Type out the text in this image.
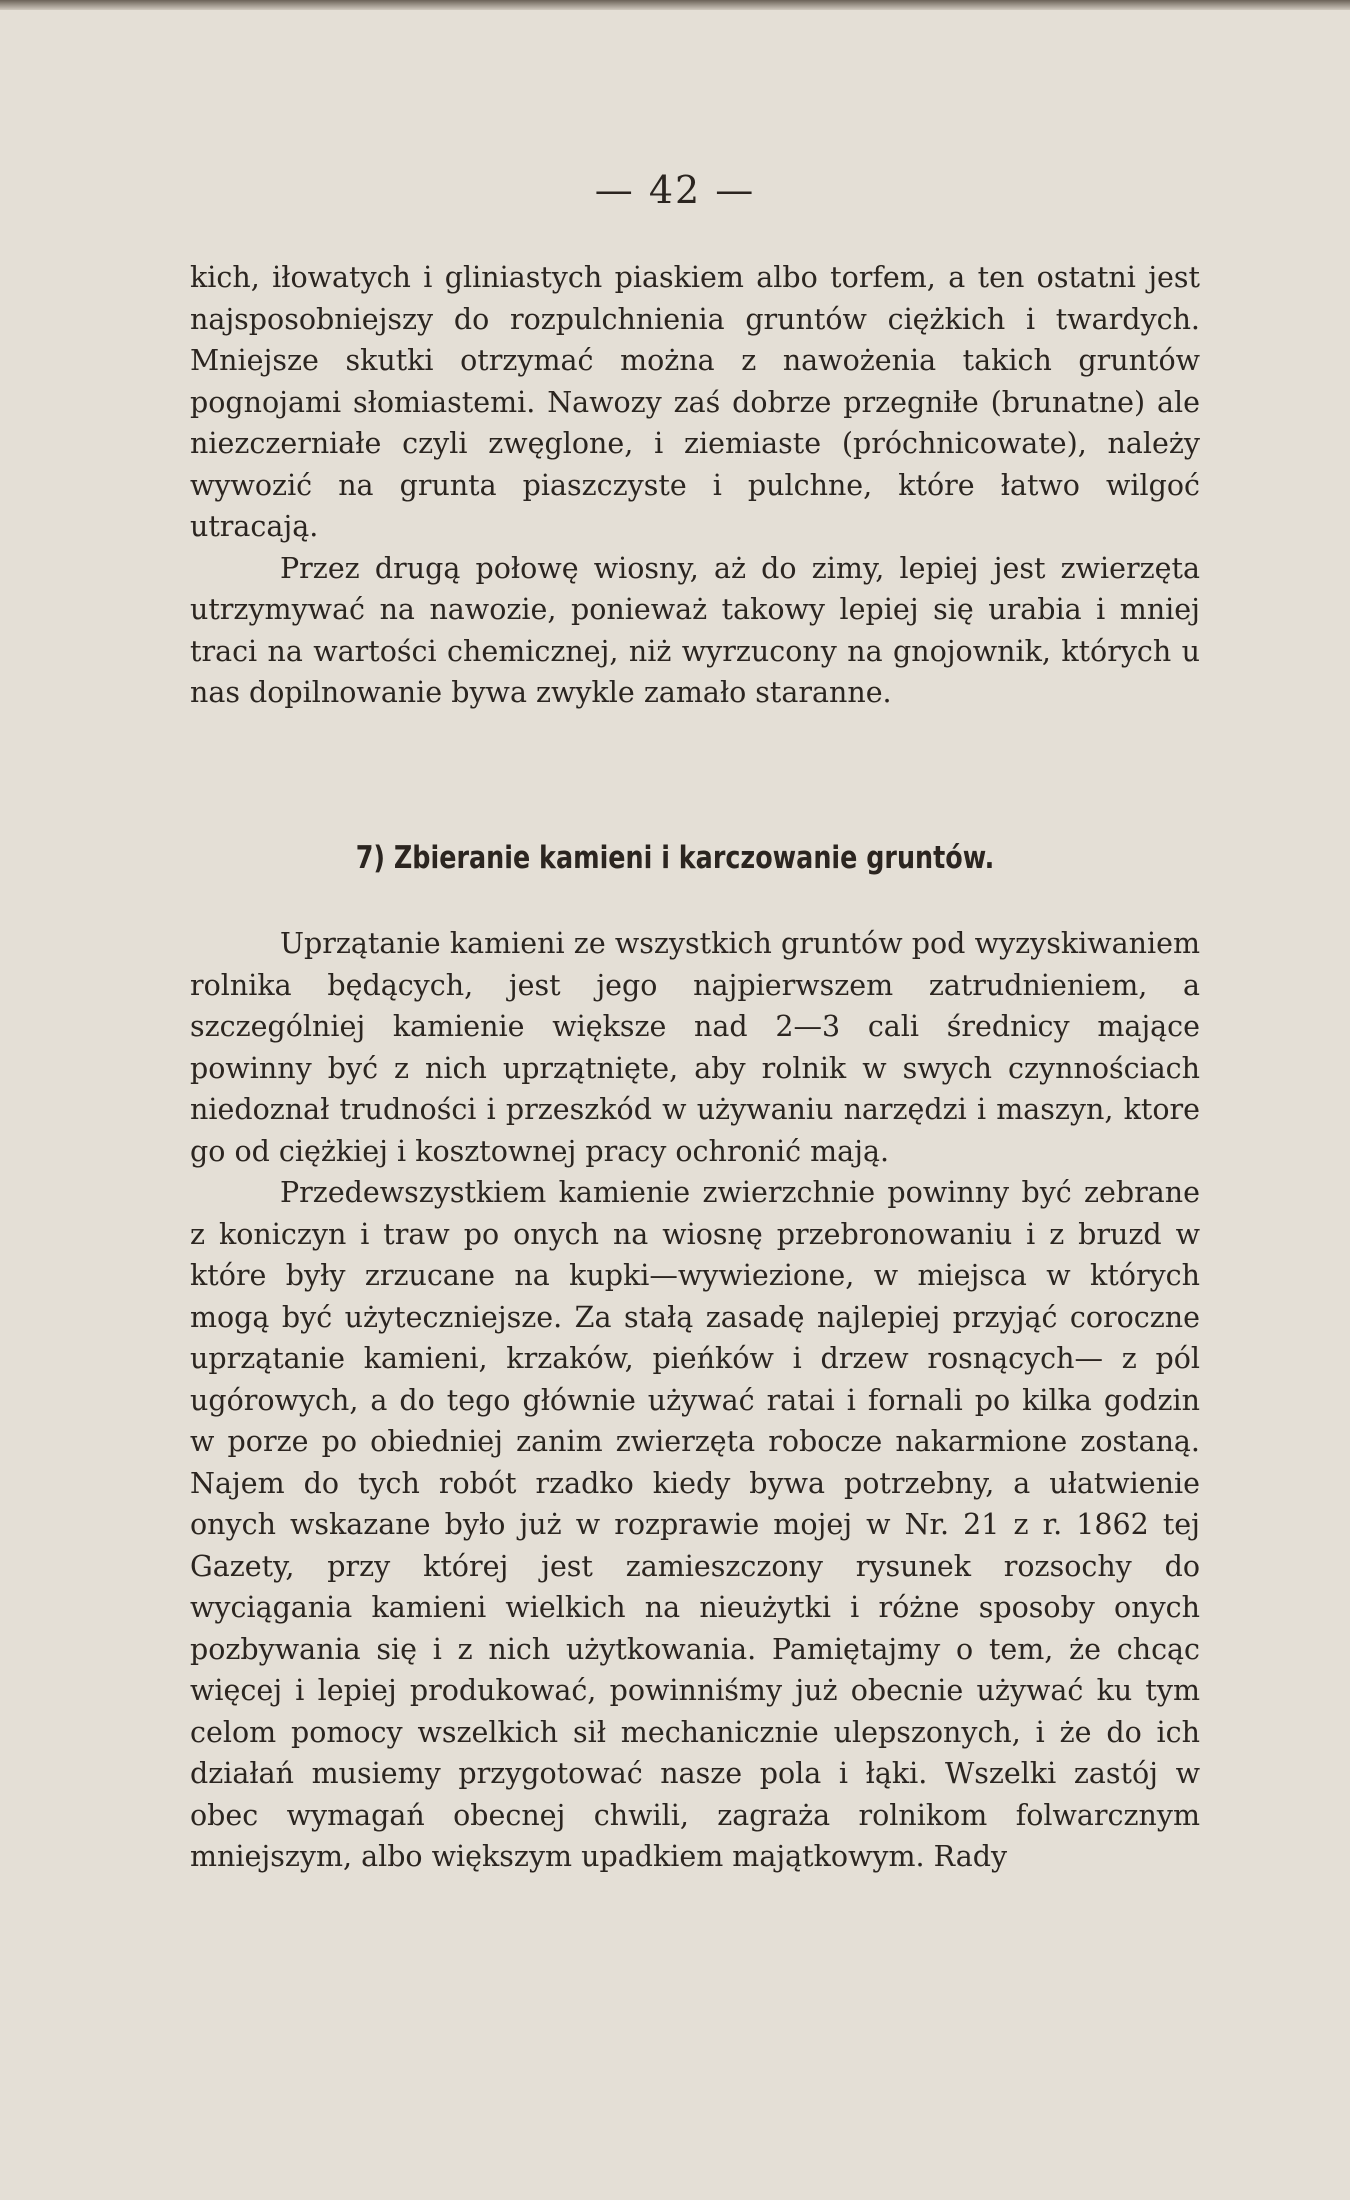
— 42 —

kich, iłowatych i gliniastych piaskiem albo torfem, a ten ostatni jest najsposobniejszy do rozpulchnienia gruntów ciężkich i twardych. Mniejsze skutki otrzymać można z nawożenia takich gruntów pognojami słomiastemi. Nawozy zaś dobrze przegniłe (brunatne) ale niezczerniałe czyli zwęglone, i ziemiaste (próchnicowate), należy wywozić na grunta piaszczyste i pulchne, które łatwo wilgoć utracają.

Przez drugą połowę wiosny, aż do zimy, lepiej jest zwierzęta utrzymywać na nawozie, ponieważ takowy lepiej się urabia i mniej traci na wartości chemicznej, niż wyrzucony na gnojownik, których u nas dopilnowanie bywa zwykle zamało staranne.

7) Zbieranie kamieni i karczowanie gruntów.

Uprzątanie kamieni ze wszystkich gruntów pod wyzyskiwaniem rolnika będących, jest jego najpierwszem zatrudnieniem, a szczególniej kamienie większe nad 2—3 cali średnicy mające powinny być z nich uprzątnięte, aby rolnik w swych czynnościach niedoznał trudności i przeszkód w używaniu narzędzi i maszyn, ktore go od ciężkiej i kosztownej pracy ochronić mają.

Przedewszystkiem kamienie zwierzchnie powinny być zebrane z koniczyn i traw po onych na wiosnę przebronowaniu i z bruzd w które były zrzucane na kupki—wywiezione, w miejsca w których mogą być użyteczniejsze. Za stałą zasadę najlepiej przyjąć coroczne uprzątanie kamieni, krzaków, pieńków i drzew rosnących— z pól ugórowych, a do tego głównie używać ratai i fornali po kilka godzin w porze po obiedniej zanim zwierzęta robocze nakarmione zostaną. Najem do tych robót rzadko kiedy bywa potrzebny, a ułatwienie onych wskazane było już w rozprawie mojej w Nr. 21 z r. 1862 tej Gazety, przy której jest zamieszczony rysunek rozsochy do wyciągania kamieni wielkich na nieużytki i różne sposoby onych pozbywania się i z nich użytkowania. Pamiętajmy o tem, że chcąc więcej i lepiej produkować, powinniśmy już obecnie używać ku tym celom pomocy wszelkich sił mechanicznie ulepszonych, i że do ich działań musiemy przygotować nasze pola i łąki. Wszelki zastój w obec wymagań obecnej chwili, zagraża rolnikom folwarcznym mniejszym, albo większym upadkiem majątkowym. Rady
